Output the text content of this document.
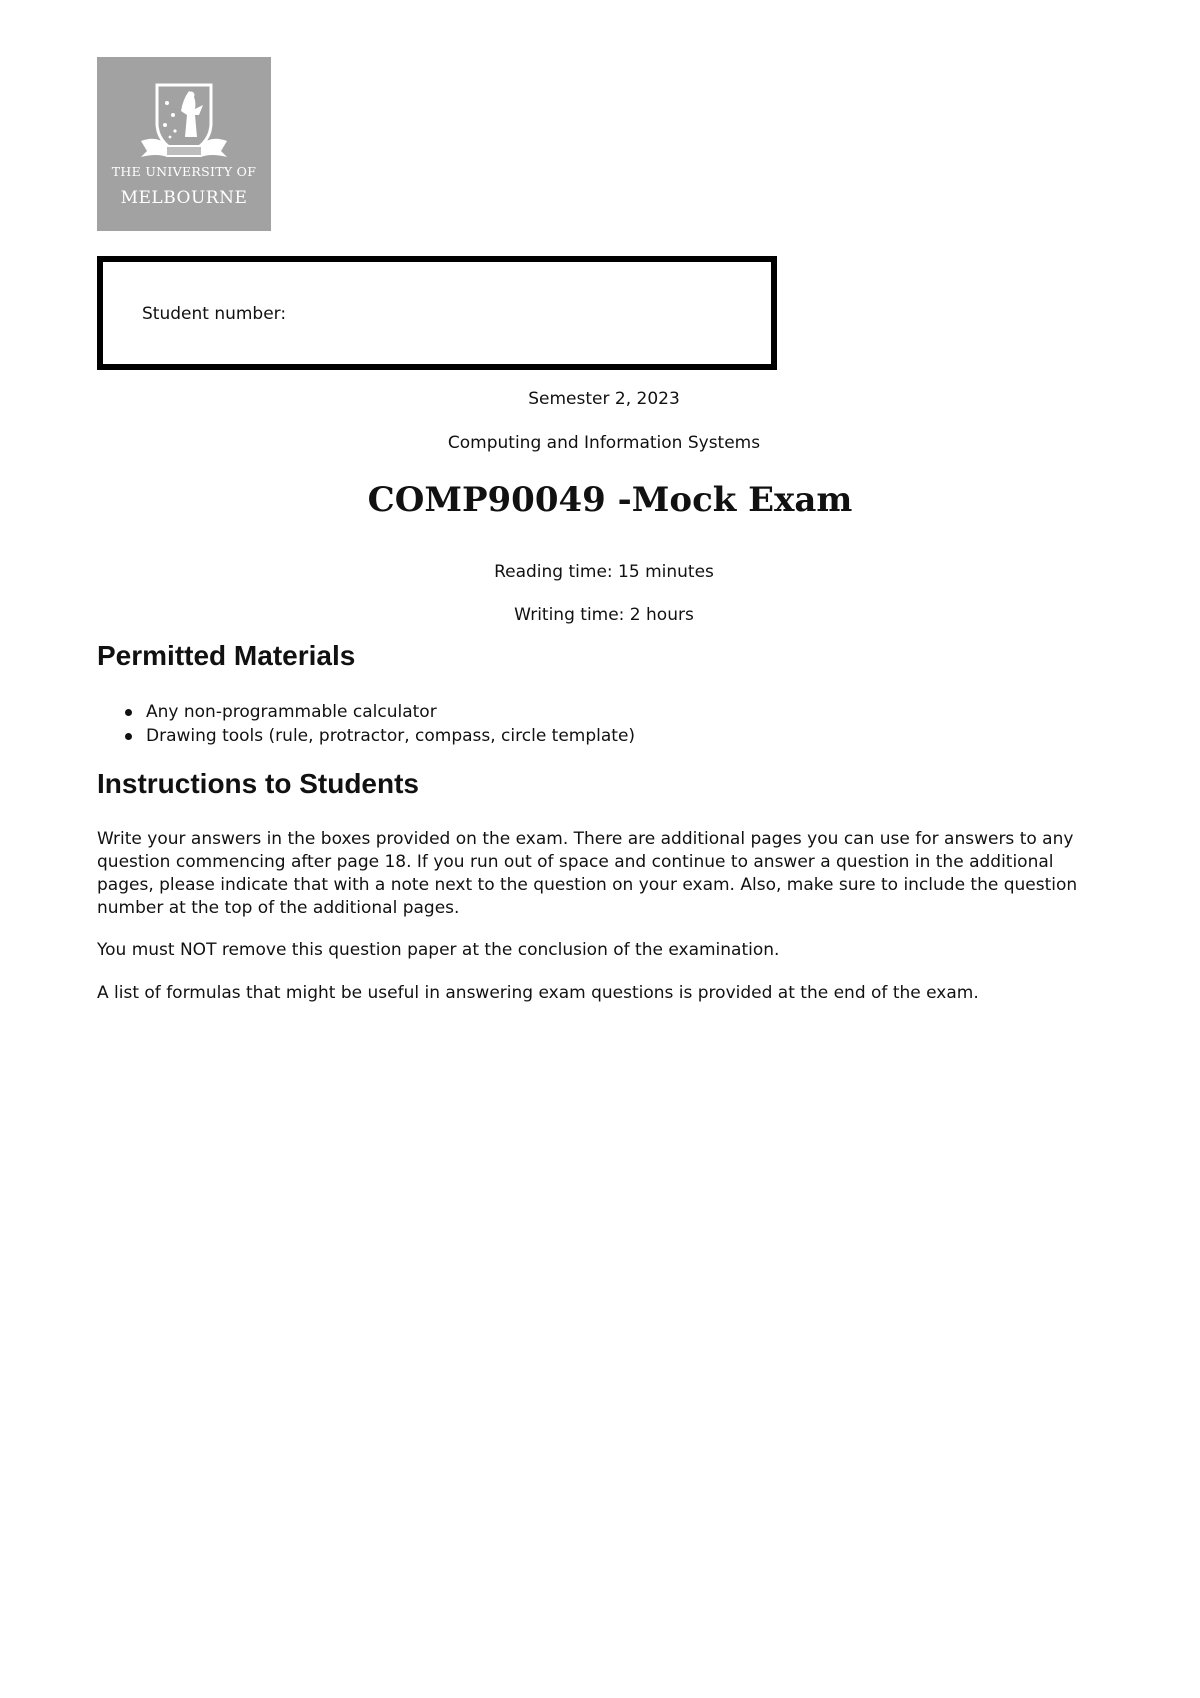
THE UNIVERSITY OF
MELBOURNE
Student number:
Semester 2, 2023
Computing and Information Systems
COMP90049 -Mock Exam
Reading time: 15 minutes
Writing time: 2 hours
Permitted Materials
Any non-programmable calculator
Drawing tools (rule, protractor, compass, circle template)
Instructions to Students

Write your answers in the boxes provided on the exam. There are additional pages you can use for answers to any question commencing after page 18. If you run out of space and continue to answer a question in the additional pages, please indicate that with a note next to the question on your exam. Also, make sure to include the question number at the top of the additional pages.

You must NOT remove this question paper at the conclusion of the examination.

A list of formulas that might be useful in answering exam questions is provided at the end of the exam.
